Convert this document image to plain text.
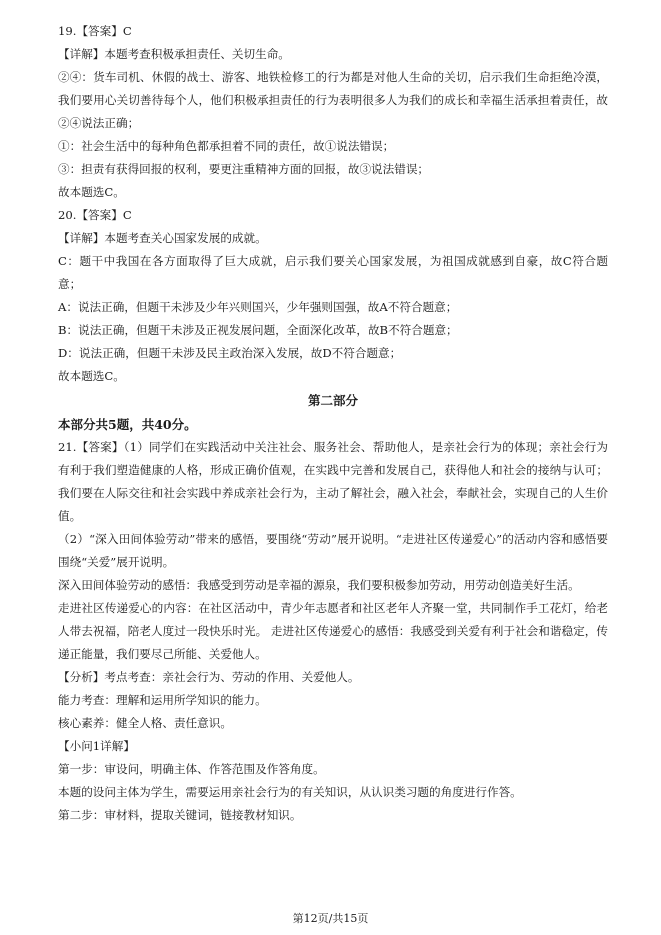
19.【答案】C

【详解】本题考查积极承担责任、关切生命。

②④：货车司机、休假的战士、游客、地铁检修工的行为都是对他人生命的关切，启示我们生命拒绝冷漠，我们要用心关切善待每个人，他们积极承担责任的行为表明很多人为我们的成长和幸福生活承担着责任，故②④说法正确；

①：社会生活中的每种角色都承担着不同的责任，故①说法错误；

③：担责有获得回报的权利，要更注重精神方面的回报，故③说法错误；

故本题选C。

20.【答案】C

【详解】本题考查关心国家发展的成就。

C：题干中我国在各方面取得了巨大成就，启示我们要关心国家发展，为祖国成就感到自豪，故C符合题意；

A：说法正确，但题干未涉及少年兴则国兴，少年强则国强，故A不符合题意；

B：说法正确，但题干未涉及正视发展问题，全面深化改革，故B不符合题意；

D：说法正确，但题干未涉及民主政治深入发展，故D不符合题意；

故本题选C。

第二部分

本部分共5题，共40分。

21.【答案】（1）同学们在实践活动中关注社会、服务社会、帮助他人，是亲社会行为的体现；亲社会行为有利于我们塑造健康的人格，形成正确价值观，在实践中完善和发展自己，获得他人和社会的接纳与认可；我们要在人际交往和社会实践中养成亲社会行为，主动了解社会，融入社会，奉献社会，实现自己的人生价值。

（2）“深入田间体验劳动”带来的感悟，要围绕“劳动”展开说明。“走进社区传递爱心”的活动内容和感悟要围绕“关爱”展开说明。

深入田间体验劳动的感悟：我感受到劳动是幸福的源泉，我们要积极参加劳动，用劳动创造美好生活。

走进社区传递爱心的内容：在社区活动中，青少年志愿者和社区老年人齐聚一堂，共同制作手工花灯，给老人带去祝福，陪老人度过一段快乐时光。 走进社区传递爱心的感悟：我感受到关爱有利于社会和谐稳定，传递正能量，我们要尽己所能、关爱他人。

【分析】考点考查：亲社会行为、劳动的作用、关爱他人。

能力考查：理解和运用所学知识的能力。

核心素养：健全人格、责任意识。

【小问1详解】

第一步：审设问，明确主体、作答范围及作答角度。

本题的设问主体为学生，需要运用亲社会行为的有关知识，从认识类习题的角度进行作答。

第二步：审材料，提取关键词，链接教材知识。

第12页/共15页
